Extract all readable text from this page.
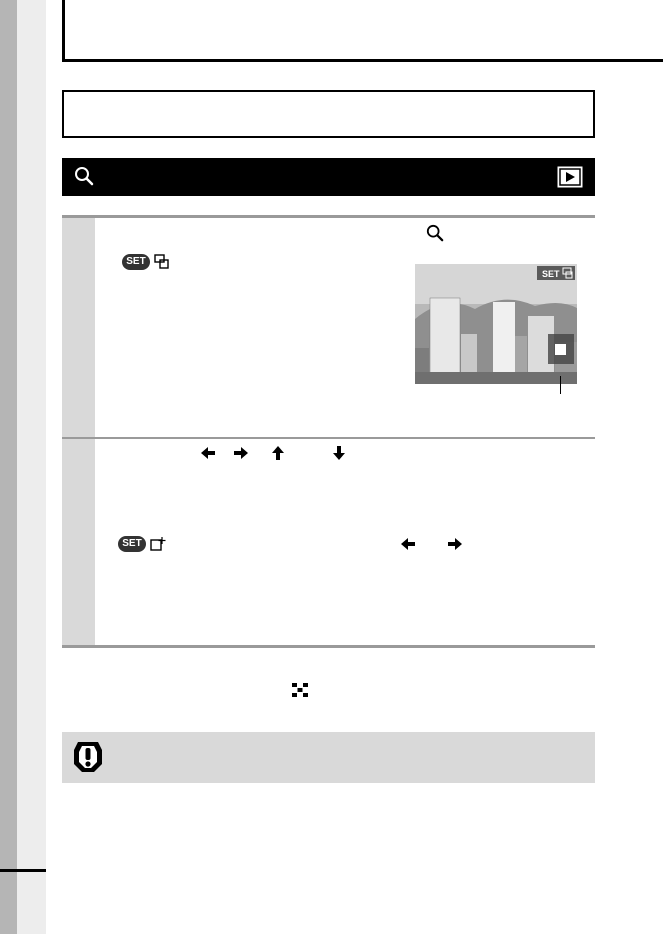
SET
SET
SET
